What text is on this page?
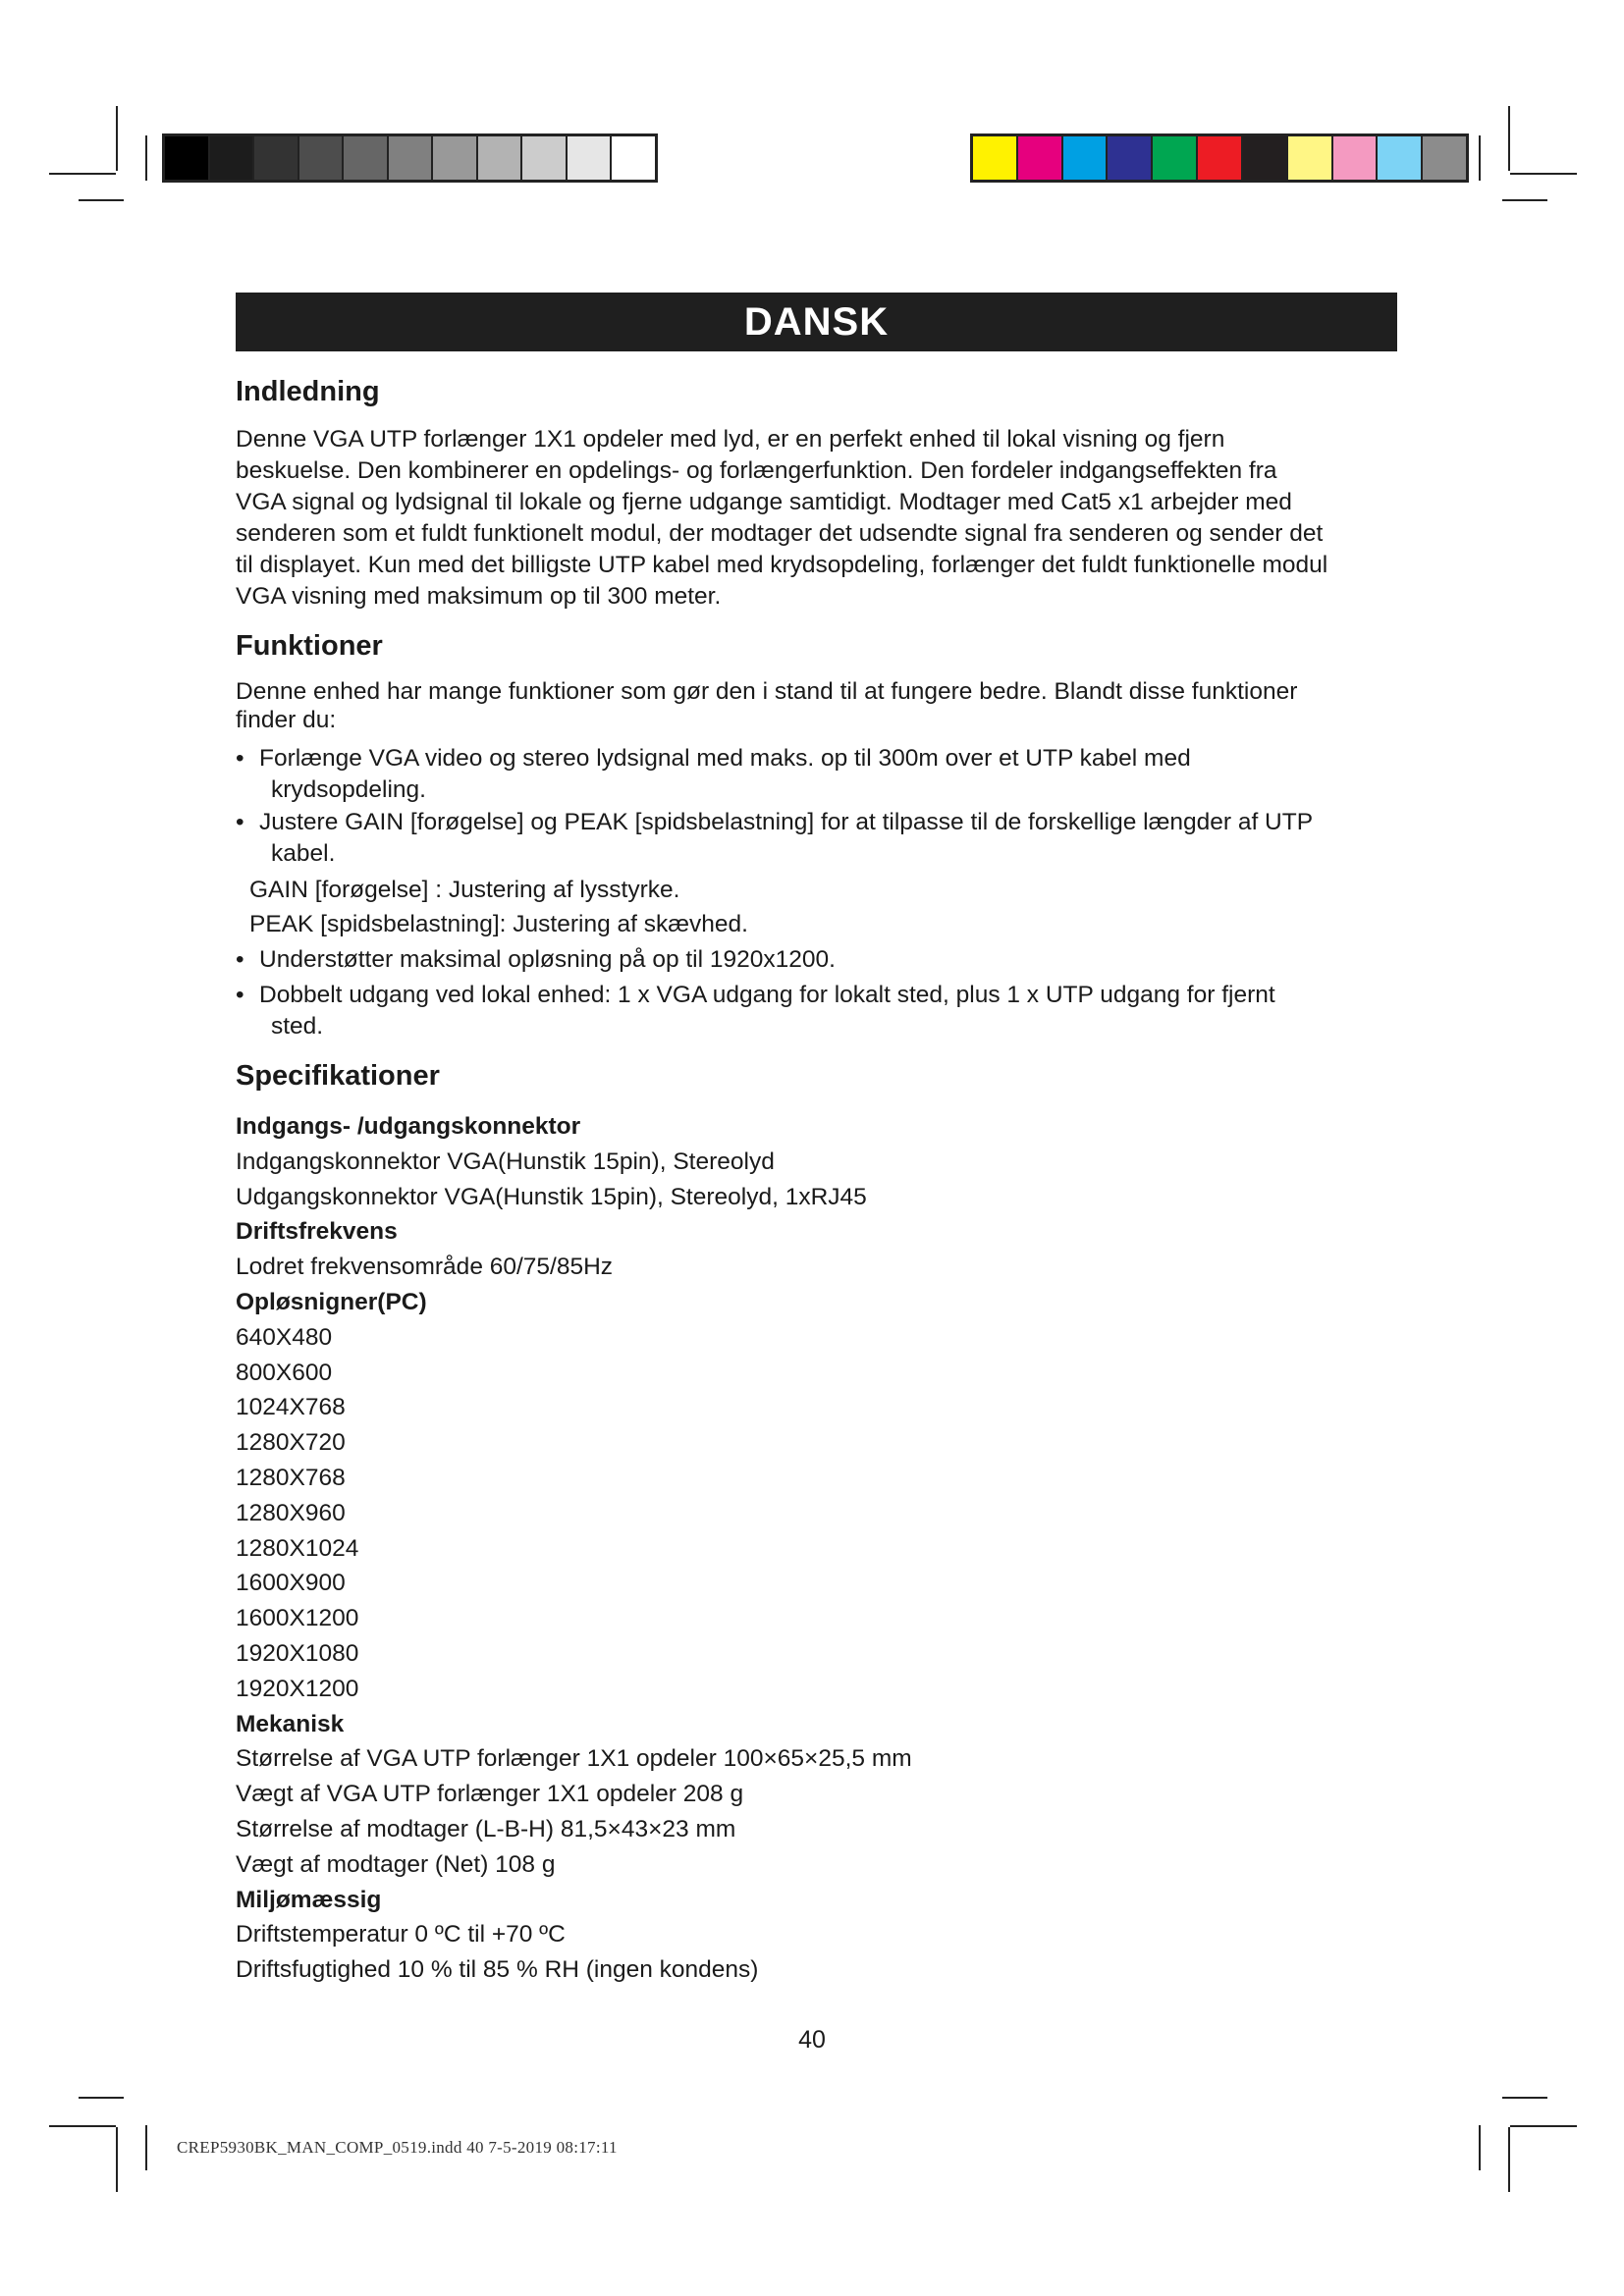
DANSK
Indledning
Denne VGA UTP forlænger 1X1 opdeler med lyd, er en perfekt enhed til lokal visning og fjern
beskuelse. Den kombinerer en opdelings- og forlængerfunktion. Den fordeler indgangseffekten fra
VGA signal og lydsignal til lokale og fjerne udgange samtidigt. Modtager med Cat5 x1 arbejder med
senderen som et fuldt funktionelt modul, der modtager det udsendte signal fra senderen og sender det
til displayet. Kun med det billigste UTP kabel med krydsopdeling, forlænger det fuldt funktionelle modul
VGA visning med maksimum op til 300 meter.
Funktioner
Denne enhed har mange funktioner som gør den i stand til at fungere bedre. Blandt disse funktioner
finder du:
• Forlænge VGA video og stereo lydsignal med maks. op til 300m over et UTP kabel med
krydsopdeling.
• Justere GAIN [forøgelse] og PEAK [spidsbelastning] for at tilpasse til de forskellige længder af UTP
kabel.
GAIN [forøgelse] : Justering af lysstyrke.
PEAK [spidsbelastning]: Justering af skævhed.
• Understøtter maksimal opløsning på op til 1920x1200.
• Dobbelt udgang ved lokal enhed: 1 x VGA udgang for lokalt sted, plus 1 x UTP udgang for fjernt
sted.
Specifikationer
Indgangs- /udgangskonnektor
Indgangskonnektor VGA(Hunstik 15pin), Stereolyd
Udgangskonnektor VGA(Hunstik 15pin), Stereolyd, 1xRJ45
Driftsfrekvens
Lodret frekvensområde 60/75/85Hz
Opløsnigner(PC)
640X480
800X600
1024X768
1280X720
1280X768
1280X960
1280X1024
1600X900
1600X1200
1920X1080
1920X1200
Mekanisk
Størrelse af VGA UTP forlænger 1X1 opdeler 100×65×25,5 mm
Vægt af VGA UTP forlænger 1X1 opdeler 208 g
Størrelse af modtager (L-B-H) 81,5×43×23 mm
Vægt af modtager (Net) 108 g
Miljømæssig
Driftstemperatur 0 ºC til +70 ºC
Driftsfugtighed 10 % til 85 % RH (ingen kondens)
40
CREP5930BK_MAN_COMP_0519.indd 40 7-5-2019 08:17:11
